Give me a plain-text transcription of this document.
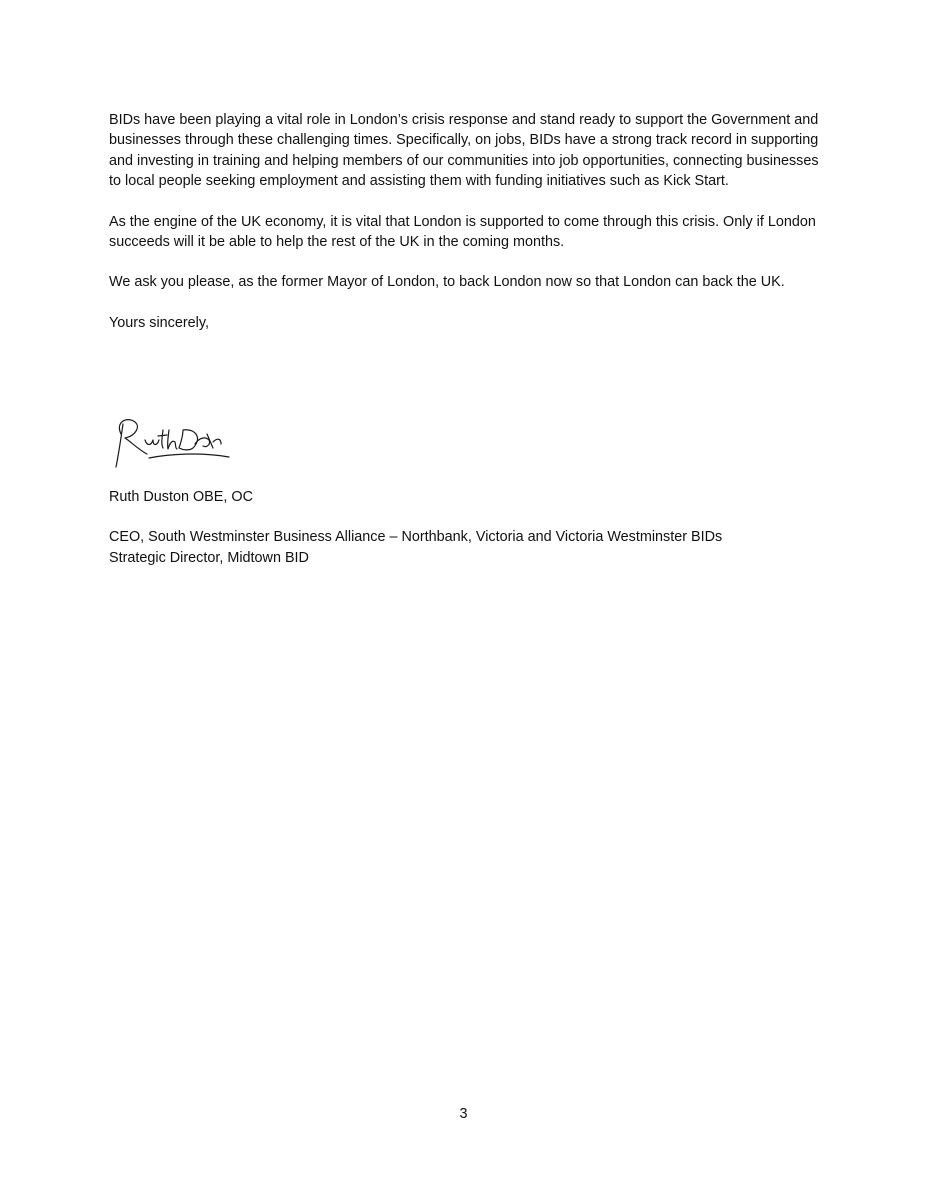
BIDs have been playing a vital role in London’s crisis response and stand ready to support the Government and businesses through these challenging times. Specifically, on jobs, BIDs have a strong track record in supporting and investing in training and helping members of our communities into job opportunities, connecting businesses to local people seeking employment and assisting them with funding initiatives such as Kick Start.

As the engine of the UK economy, it is vital that London is supported to come through this crisis. Only if London succeeds will it be able to help the rest of the UK in the coming months.

We ask you please, as the former Mayor of London, to back London now so that London can back the UK.

Yours sincerely,

Ruth Duston OBE, OC

CEO, South Westminster Business Alliance – Northbank, Victoria and Victoria Westminster BIDs

Strategic Director, Midtown BID

3
